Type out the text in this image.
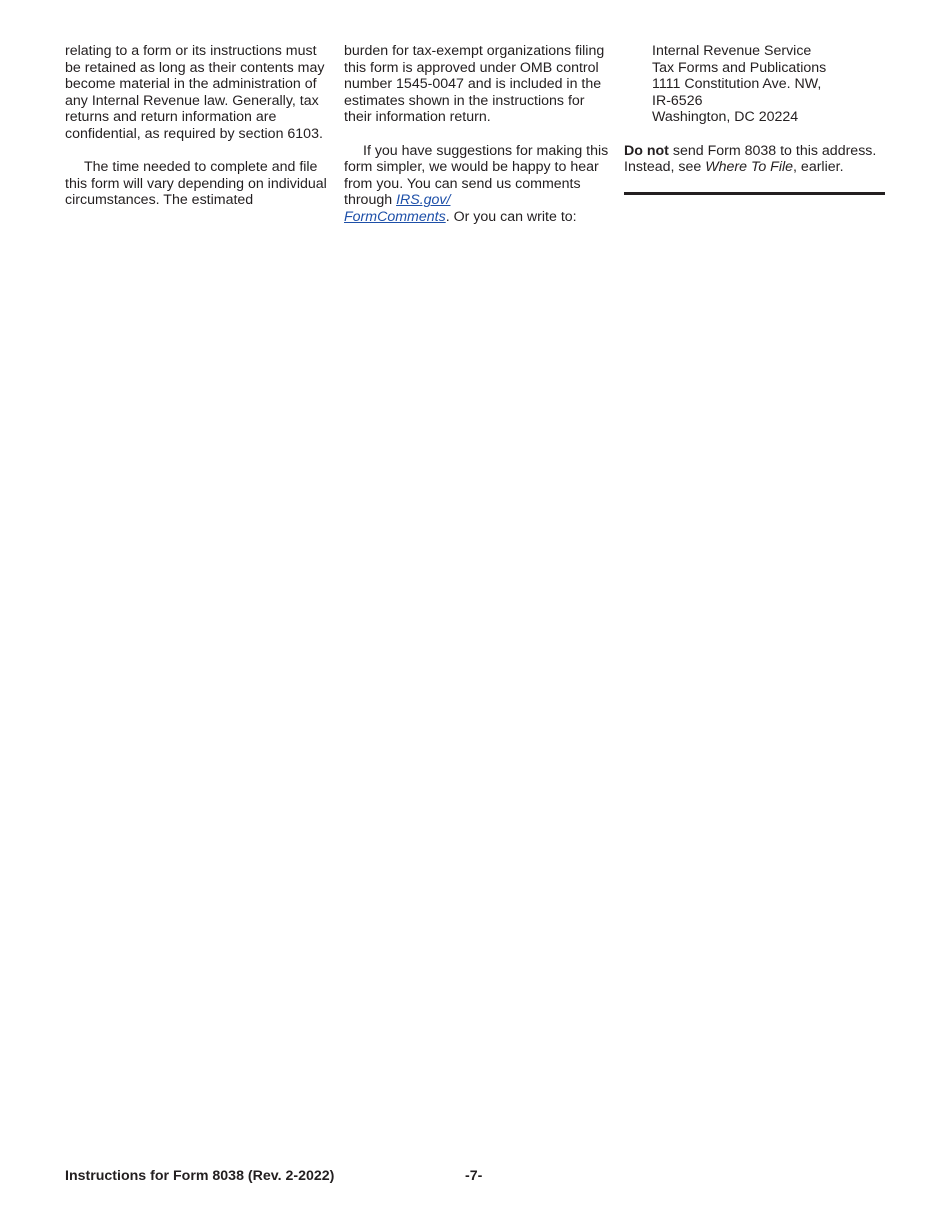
relating to a form or its instructions must be retained as long as their contents may become material in the administration of any Internal Revenue law. Generally, tax returns and return information are confidential, as required by section 6103.

The time needed to complete and file this form will vary depending on individual circumstances. The estimated

burden for tax-exempt organizations filing this form is approved under OMB control number 1545-0047 and is included in the estimates shown in the instructions for their information return.

If you have suggestions for making this form simpler, we would be happy to hear from you. You can send us comments through IRS.gov/
FormComments. Or you can write to:

Internal Revenue Service
Tax Forms and Publications
1111 Constitution Ave. NW,
IR-6526
Washington, DC 20224

Do not send Form 8038 to this address. Instead, see Where To File, earlier.

Instructions for Form 8038 (Rev. 2-2022)	-7-
